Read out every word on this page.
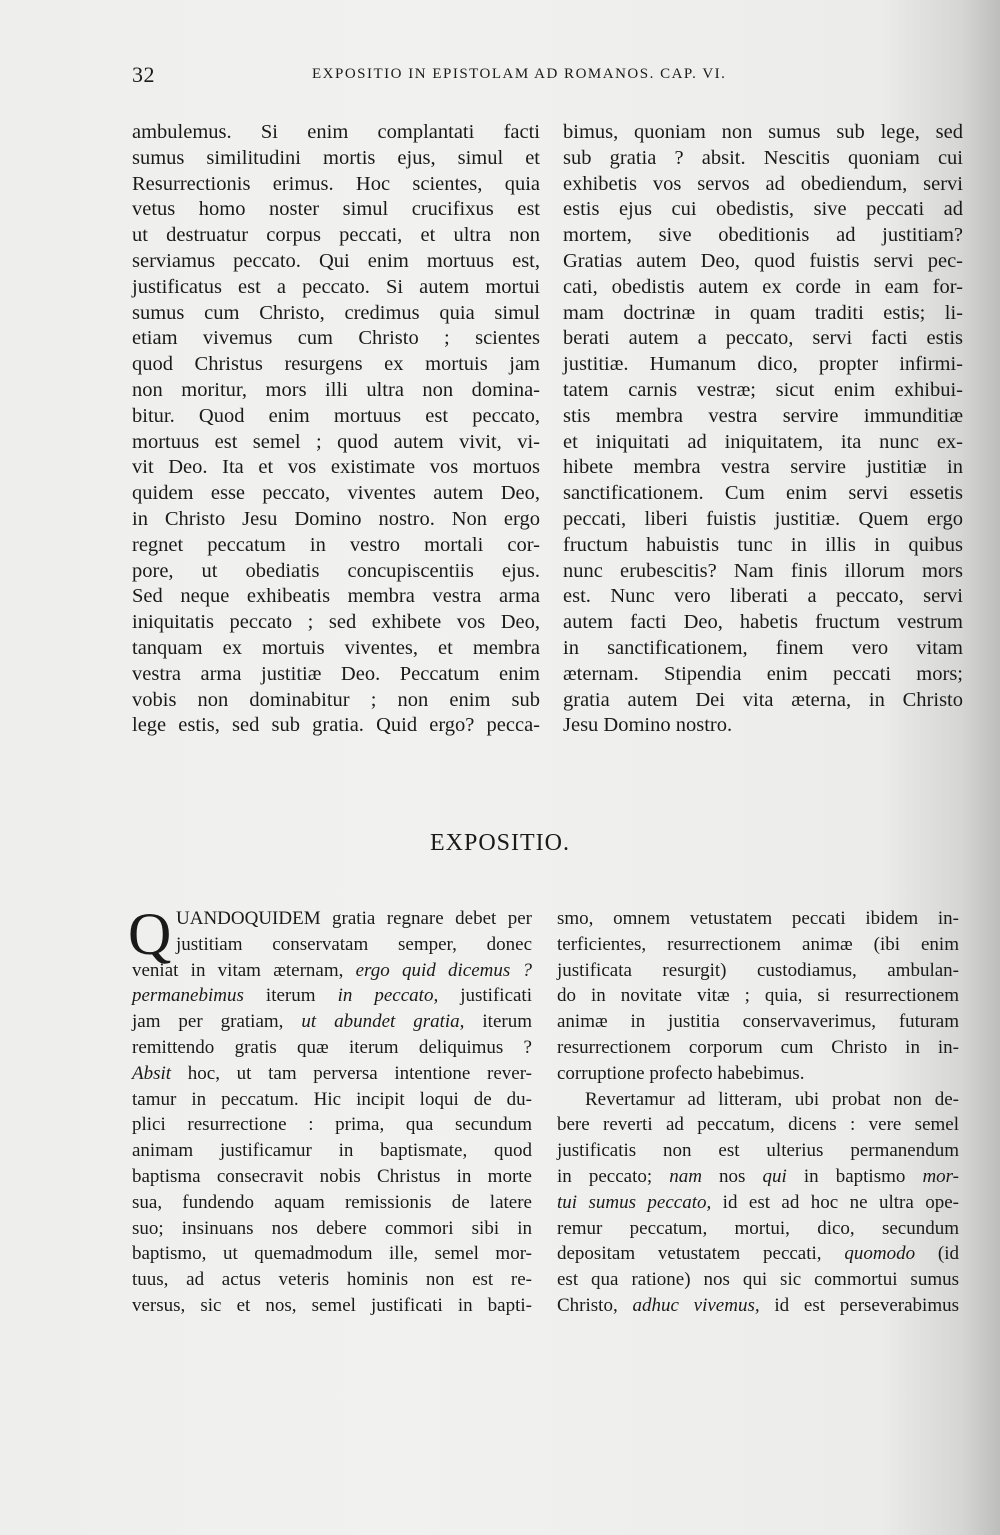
32	EXPOSITIO IN EPISTOLAM AD ROMANOS. CAP. VI.
ambulemus. Si enim complantati facti
sumus similitudini mortis ejus, simul et
Resurrectionis erimus. Hoc scientes, quia
vetus homo noster simul crucifixus est
ut destruatur corpus peccati, et ultra non
serviamus peccato. Qui enim mortuus est,
justificatus est a peccato. Si autem mortui
sumus cum Christo, credimus quia simul
etiam vivemus cum Christo ; scientes
quod Christus resurgens ex mortuis jam
non moritur, mors illi ultra non domina-
bitur. Quod enim mortuus est peccato,
mortuus est semel ; quod autem vivit, vi-
vit Deo. Ita et vos existimate vos mortuos
quidem esse peccato, viventes autem Deo,
in Christo Jesu Domino nostro. Non ergo
regnet peccatum in vestro mortali cor-
pore, ut obediatis concupiscentiis ejus.
Sed neque exhibeatis membra vestra arma
iniquitatis peccato ; sed exhibete vos Deo,
tanquam ex mortuis viventes, et membra
vestra arma justitiæ Deo. Peccatum enim
vobis non dominabitur ; non enim sub
lege estis, sed sub gratia. Quid ergo? pecca-
bimus, quoniam non sumus sub lege, sed
sub gratia ? absit. Nescitis quoniam cui
exhibetis vos servos ad obediendum, servi
estis ejus cui obedistis, sive peccati ad
mortem, sive obeditionis ad justitiam?
Gratias autem Deo, quod fuistis servi pec-
cati, obedistis autem ex corde in eam for-
mam doctrinæ in quam traditi estis; li-
berati autem a peccato, servi facti estis
justitiæ. Humanum dico, propter infirmi-
tatem carnis vestræ; sicut enim exhibui-
stis membra vestra servire immunditiæ
et iniquitati ad iniquitatem, ita nunc ex-
hibete membra vestra servire justitiæ in
sanctificationem. Cum enim servi essetis
peccati, liberi fuistis justitiæ. Quem ergo
fructum habuistis tunc in illis in quibus
nunc erubescitis? Nam finis illorum mors
est. Nunc vero liberati a peccato, servi
autem facti Deo, habetis fructum vestrum
in sanctificationem, finem vero vitam
æternam. Stipendia enim peccati mors;
gratia autem Dei vita æterna, in Christo
Jesu Domino nostro.
EXPOSITIO.
Q UANDOQUIDEM gratia regnare debet per
justitiam conservatam semper, donec
veniat in vitam æternam, ergo quid dicemus ?
permanebimus iterum in peccato, justificati
jam per gratiam, ut abundet gratia, iterum
remittendo gratis quæ iterum deliquimus ?
Absit hoc, ut tam perversa intentione rever-
tamur in peccatum. Hic incipit loqui de du-
plici resurrectione : prima, qua secundum
animam justificamur in baptismate, quod
baptisma consecravit nobis Christus in morte
sua, fundendo aquam remissionis de latere
suo; insinuans nos debere commori sibi in
baptismo, ut quemadmodum ille, semel mor-
tuus, ad actus veteris hominis non est re-
versus, sic et nos, semel justificati in bapti-
smo, omnem vetustatem peccati ibidem in-
terficientes, resurrectionem animæ (ibi enim
justificata resurgit) custodiamus, ambulan-
do in novitate vitæ ; quia, si resurrectionem
animæ in justitia conservaverimus, futuram
resurrectionem corporum cum Christo in in-
corruptione profecto habebimus.
Revertamur ad litteram, ubi probat non de-
bere reverti ad peccatum, dicens : vere semel
justificatis non est ulterius permanendum
in peccato; nam nos qui in baptismo mor-
tui sumus peccato, id est ad hoc ne ultra ope-
remur peccatum, mortui, dico, secundum
depositam vetustatem peccati, quomodo (id
est qua ratione) nos qui sic commortui sumus
Christo, adhuc vivemus, id est perseverabimus
